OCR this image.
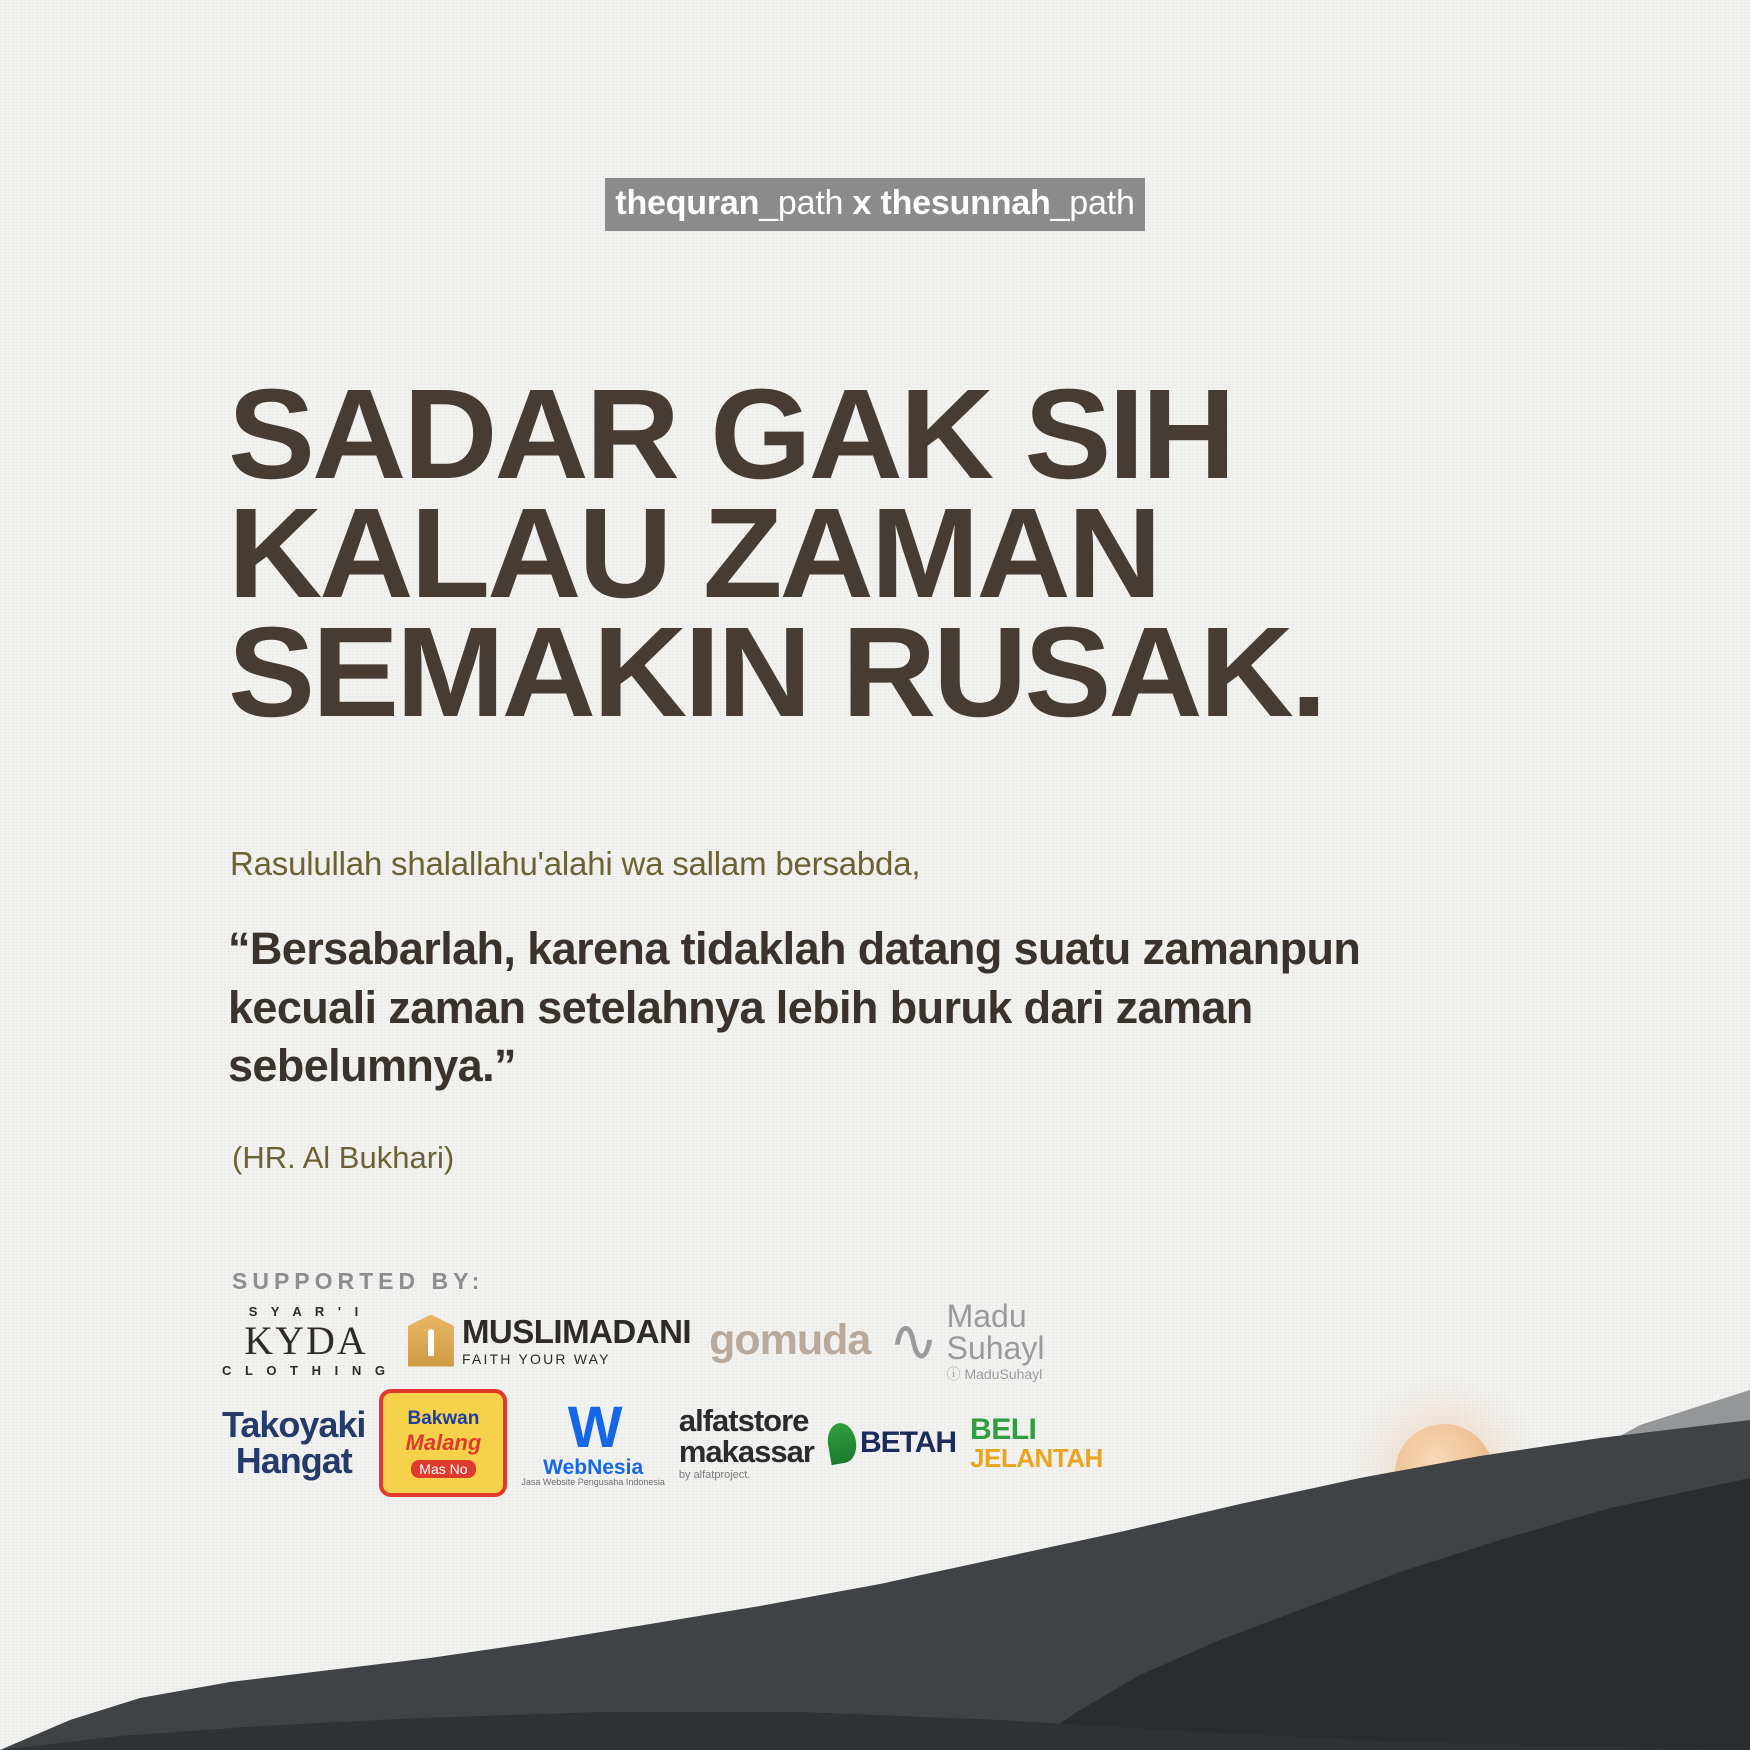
thequran_path x thesunnah_path
SADAR GAK SIH
KALAU ZAMAN
SEMAKIN RUSAK.
Rasulullah shalallahu'alahi wa sallam bersabda,
“Bersabarlah, karena tidaklah datang suatu zamanpun kecuali zaman setelahnya lebih buruk dari zaman sebelumnya.”
(HR. Al Bukhari)
SUPPORTED BY:
S Y A R ' I
KYDA
C L O T H I N G
MUSLIMADANI
FAITH YOUR WAY	gomuda ∿ Madu
Suhayl
ⓘ MaduSuhayl
Takoyaki
Hangat
Bakwan
Malang
Mas No
W
WebNesia
Jasa Website Pengusaha Indonesia
alfatstore
makassar
by alfatproject.
BETAH BELI
JELANTAH
